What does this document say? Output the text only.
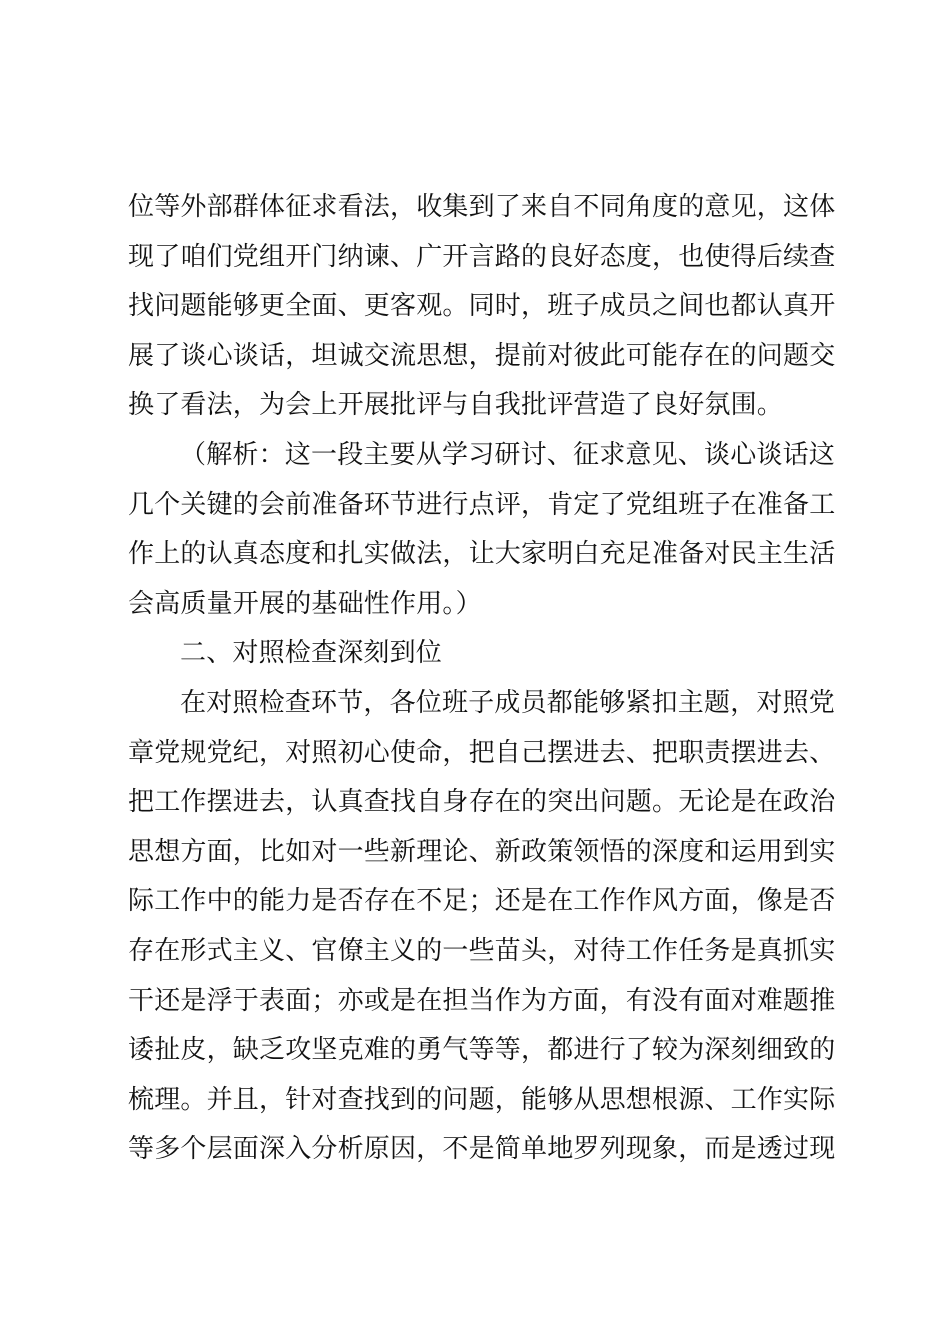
位等外部群体征求看法，收集到了来自不同角度的意见，这体
现了咱们党组开门纳谏、广开言路的良好态度，也使得后续查
找问题能够更全面、更客观。同时，班子成员之间也都认真开
展了谈心谈话，坦诚交流思想，提前对彼此可能存在的问题交
换了看法，为会上开展批评与自我批评营造了良好氛围。
（解析：这一段主要从学习研讨、征求意见、谈心谈话这
几个关键的会前准备环节进行点评，肯定了党组班子在准备工
作上的认真态度和扎实做法，让大家明白充足准备对民主生活
会高质量开展的基础性作用。）
二、对照检查深刻到位
在对照检查环节，各位班子成员都能够紧扣主题，对照党
章党规党纪，对照初心使命，把自己摆进去、把职责摆进去、
把工作摆进去，认真查找自身存在的突出问题。无论是在政治
思想方面，比如对一些新理论、新政策领悟的深度和运用到实
际工作中的能力是否存在不足；还是在工作作风方面，像是否
存在形式主义、官僚主义的一些苗头，对待工作任务是真抓实
干还是浮于表面；亦或是在担当作为方面，有没有面对难题推
诿扯皮，缺乏攻坚克难的勇气等等，都进行了较为深刻细致的
梳理。并且，针对查找到的问题，能够从思想根源、工作实际
等多个层面深入分析原因，不是简单地罗列现象，而是透过现
